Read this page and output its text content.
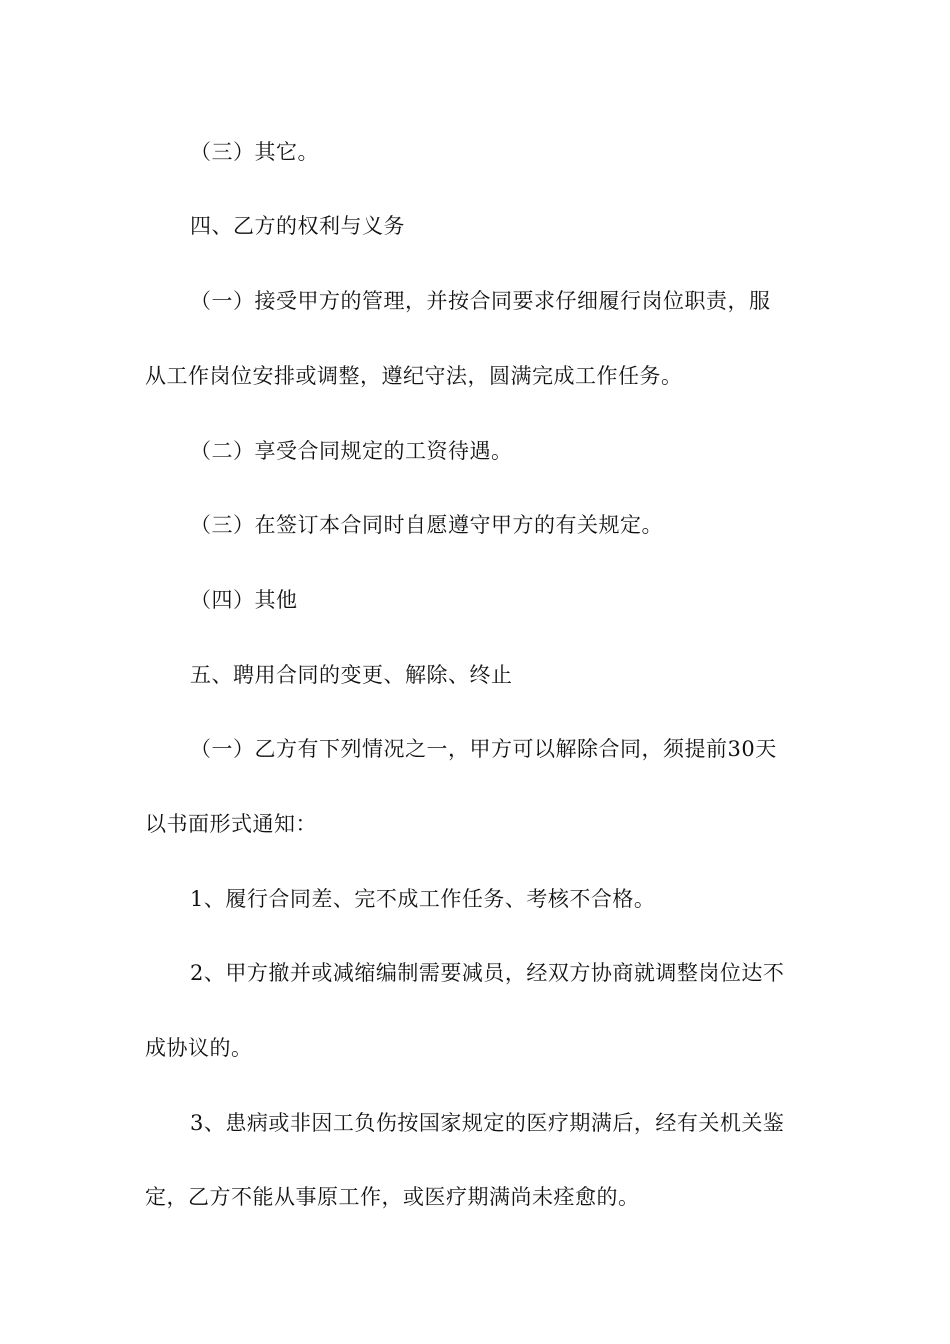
（三）其它。
四、乙方的权利与义务
（一）接受甲方的管理，并按合同要求仔细履行岗位职责，服
从工作岗位安排或调整，遵纪守法，圆满完成工作任务。
（二）享受合同规定的工资待遇。
（三）在签订本合同时自愿遵守甲方的有关规定。
（四）其他
五、聘用合同的变更、解除、终止
（一）乙方有下列情况之一，甲方可以解除合同，须提前30天
以书面形式通知：
1、履行合同差、完不成工作任务、考核不合格。
2、甲方撤并或减缩编制需要减员，经双方协商就调整岗位达不
成协议的。
3、患病或非因工负伤按国家规定的医疗期满后，经有关机关鉴
定，乙方不能从事原工作，或医疗期满尚未痊愈的。
